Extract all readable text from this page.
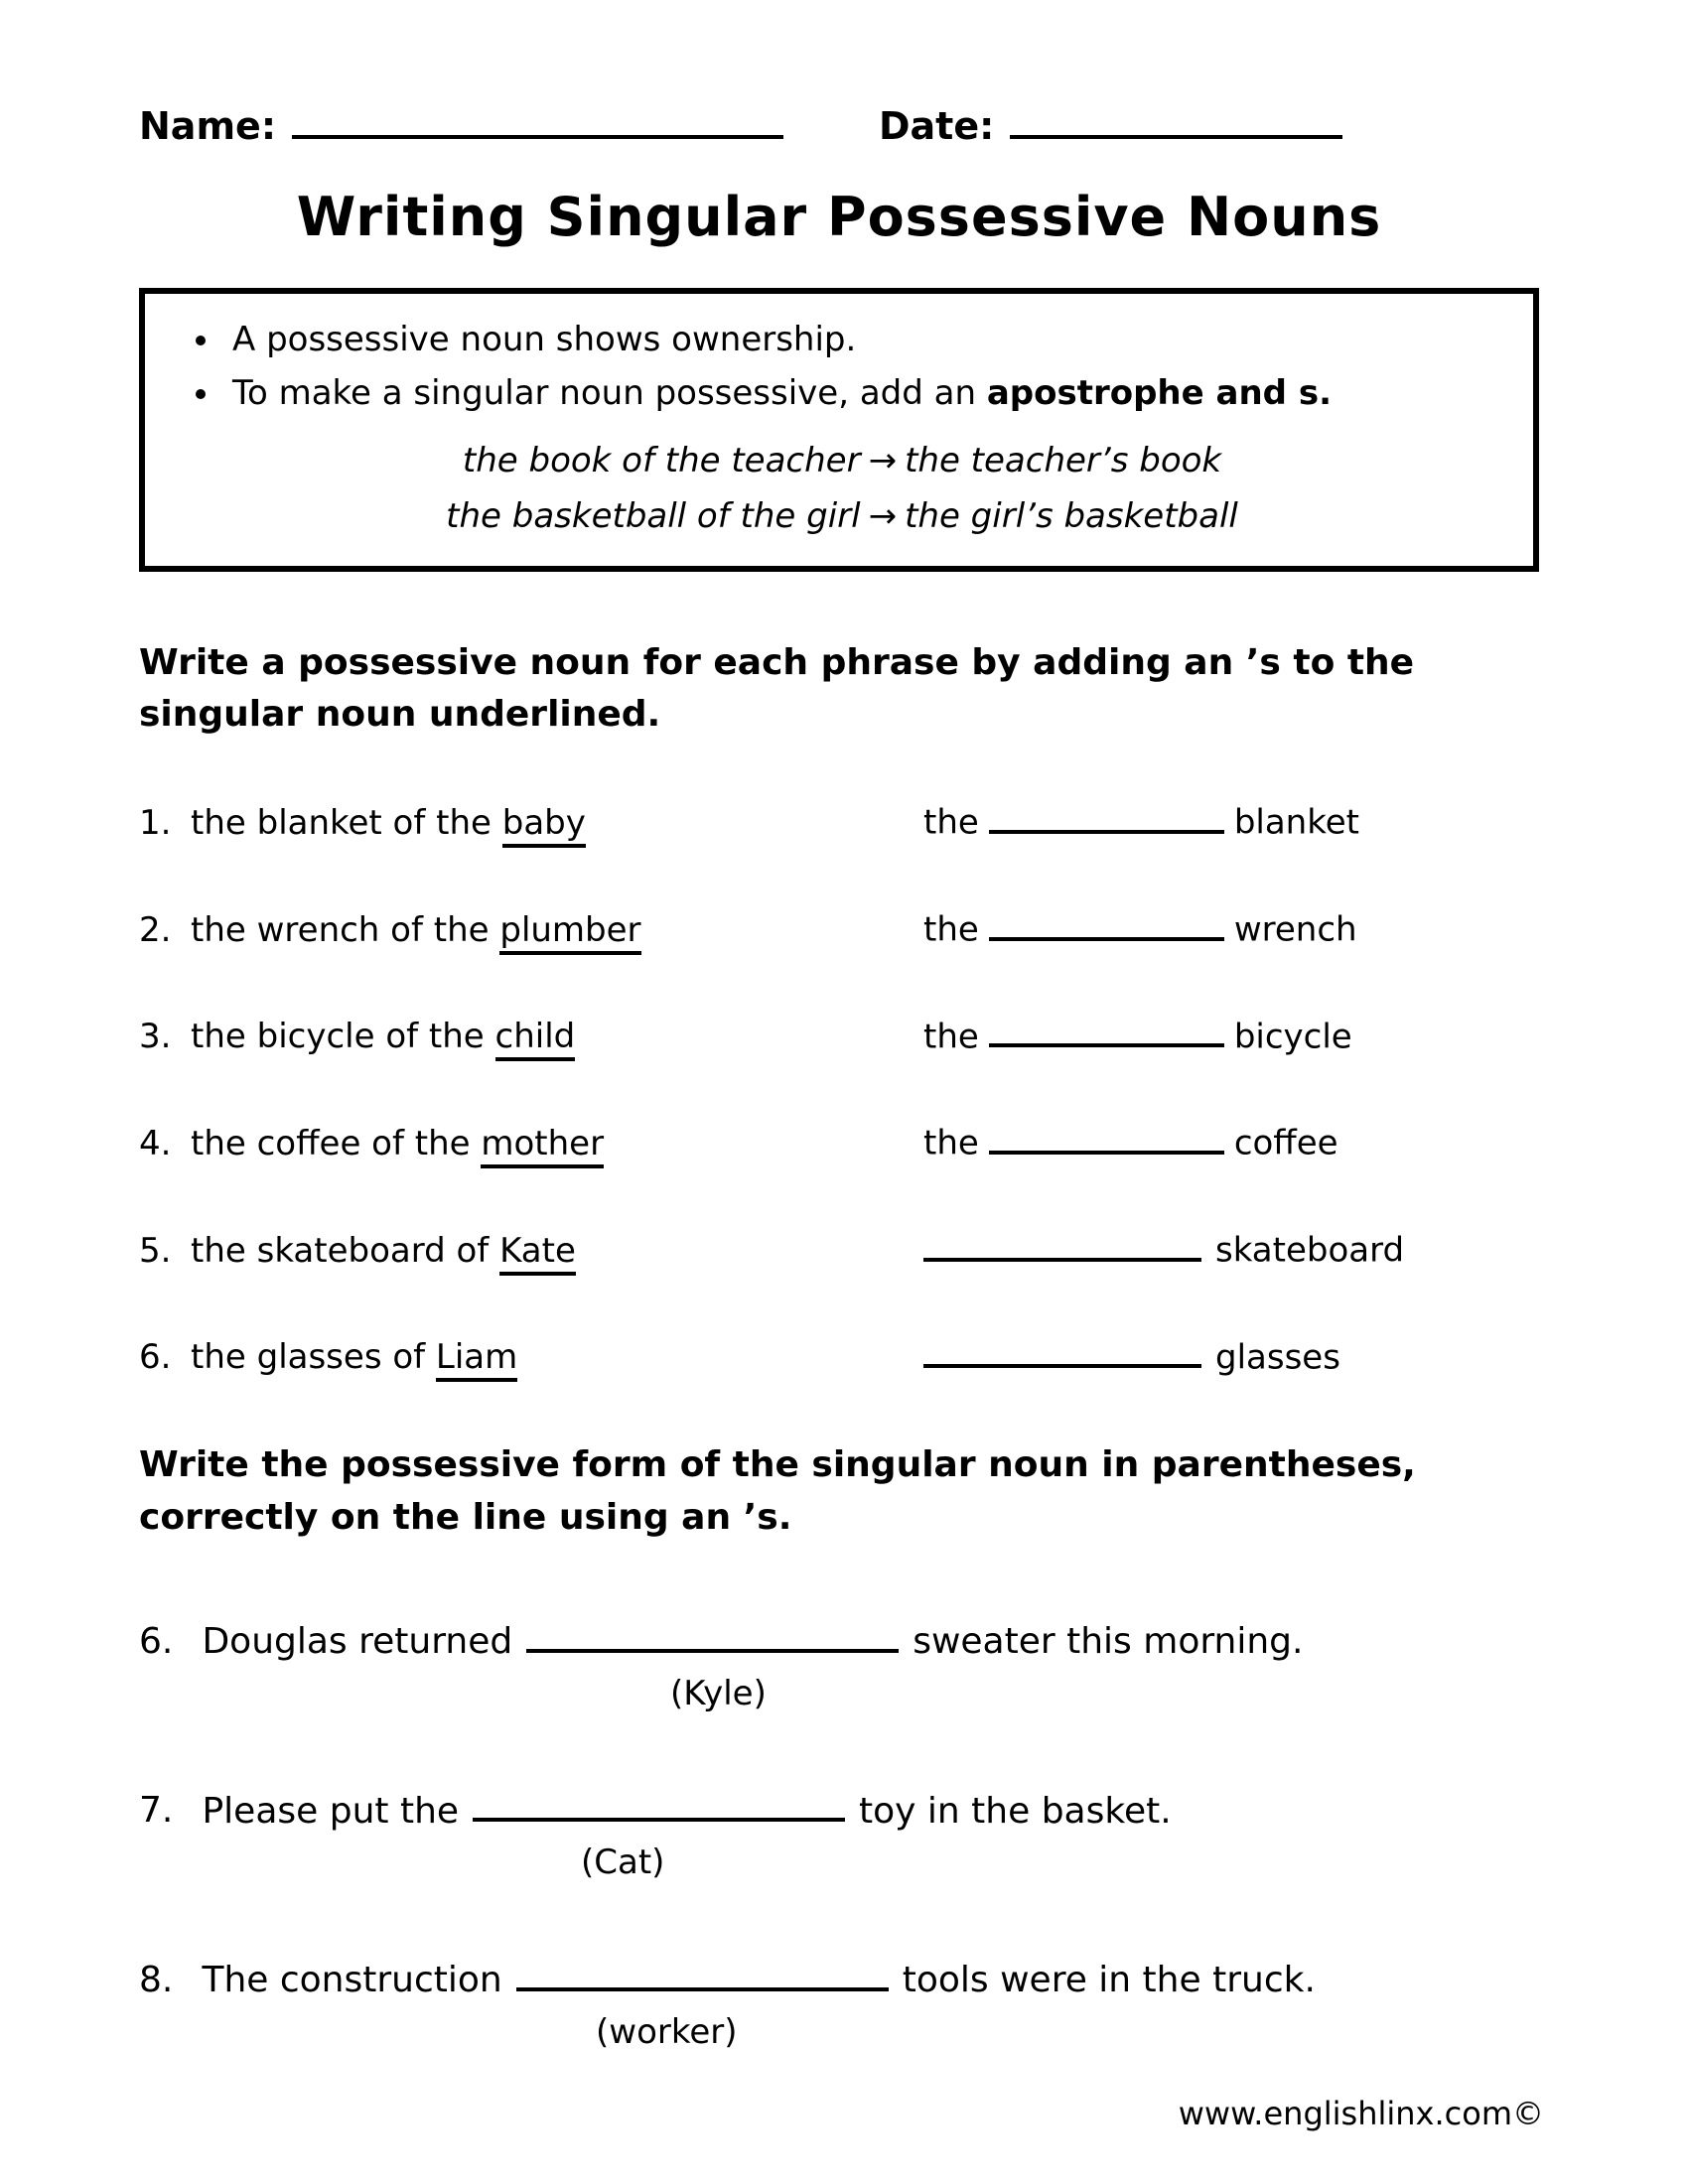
Name:	Date:
Writing Singular Possessive Nouns
• A possessive noun shows ownership.
• To make a singular noun possessive, add an apostrophe and s.
the book of the teacher → the teacher’s book
the basketball of the girl → the girl’s basketball

Write a possessive noun for each phrase by adding an ’s to the singular noun underlined.

1. the blanket of the baby	the	blanket
2. the wrench of the plumber	the	wrench
3. the bicycle of the child	the	bicycle
4. the coffee of the mother	the	coffee
5. the skateboard of Kate	skateboard
6. the glasses of Liam	glasses

Write the possessive form of the singular noun in parentheses, correctly on the line using an ’s.

6. Douglas returned	sweater this morning.
(Kyle)
7. Please put the	toy in the basket.
(Cat)
8. The construction	tools were in the truck.
(worker)
www.englishlinx.com©
